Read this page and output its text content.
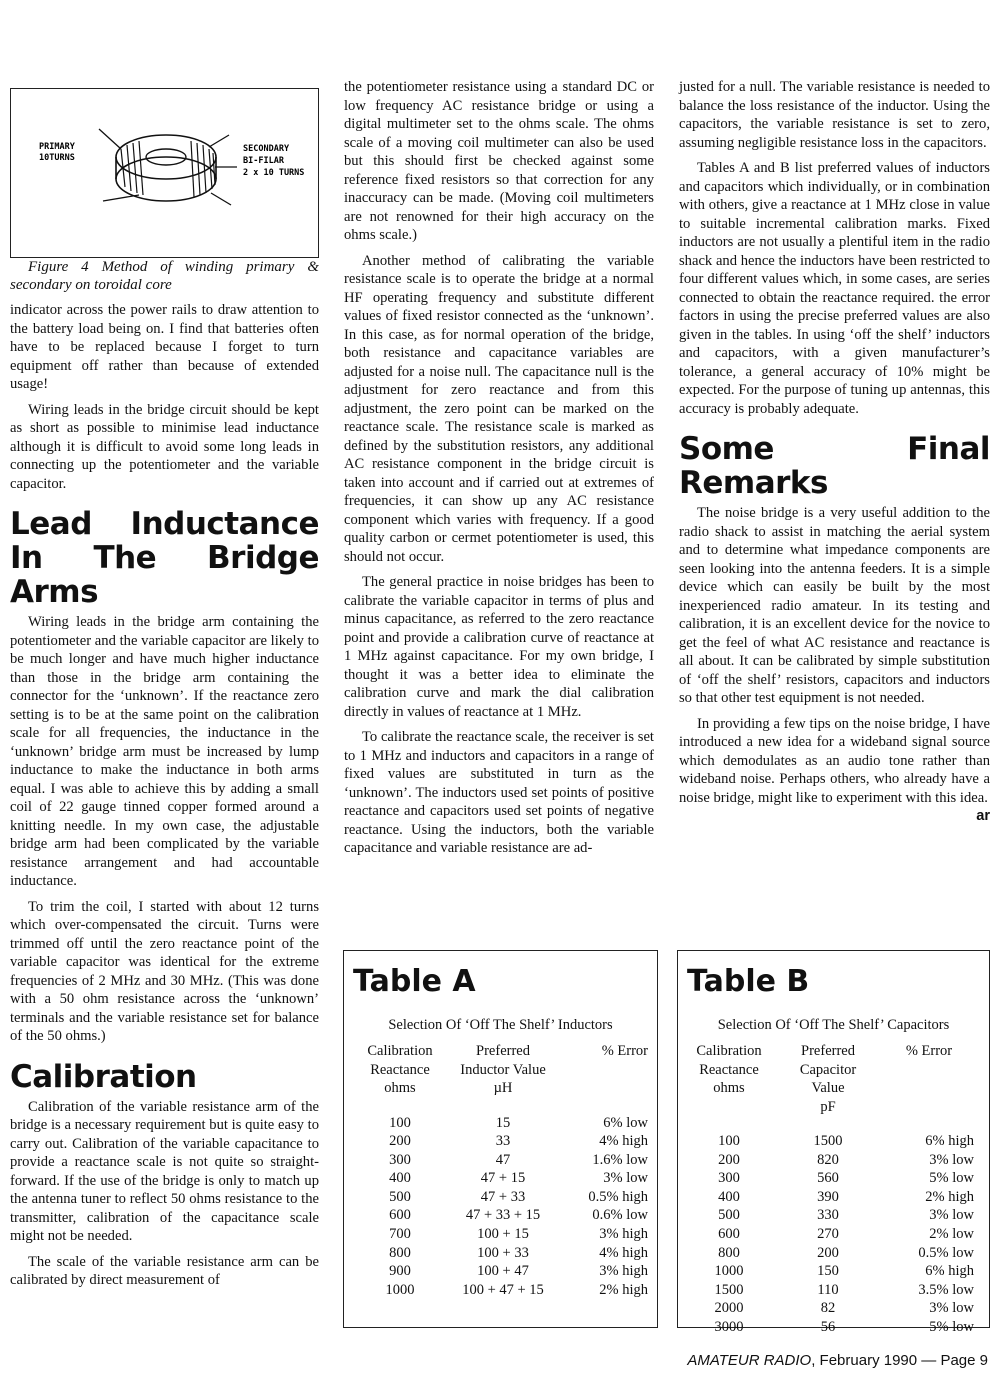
PRIMARY
10TURNS
SECONDARY
BI-FILAR
2 x 10 TURNS

Figure 4 Method of winding primary & secondary on toroidal core

indicator across the power rails to draw attention to the battery load being on. I find that batteries often have to be replaced because I forget to turn equipment off rather than because of extended usage!

Wiring leads in the bridge circuit should be kept as short as possible to minimise lead inductance although it is difficult to avoid some long leads in connecting up the potentiometer and the variable capacitor.

Lead Inductance In The Bridge Arms

Wiring leads in the bridge arm containing the potentiometer and the variable capacitor are likely to be much longer and have much higher inductance than those in the bridge arm containing the connector for the ‘unknown’. If the reactance zero setting is to be at the same point on the calibration scale for all frequencies, the inductance in the ‘unknown’ bridge arm must be increased by lump inductance to make the inductance in both arms equal. I was able to achieve this by adding a small coil of 22 gauge tinned copper formed around a knitting needle. In my own case, the adjustable bridge arm had been complicated by the variable resistance arrangement and had accountable inductance.

To trim the coil, I started with about 12 turns which over-compensated the circuit. Turns were trimmed off until the zero reactance point of the variable capacitor was identical for the extreme frequencies of 2 MHz and 30 MHz. (This was done with a 50 ohm resistance across the ‘unknown’ terminals and the variable resistance set for balance of the 50 ohms.)

Calibration

Calibration of the variable resistance arm of the bridge is a necessary requirement but is quite easy to carry out. Calibration of the variable capacitance to provide a reactance scale is not quite so straight-forward. If the use of the bridge is only to match up the antenna tuner to reflect 50 ohms resistance to the transmitter, calibration of the capacitance scale might not be needed.

The scale of the variable resistance arm can be calibrated by direct measurement of

the potentiometer resistance using a standard DC or low frequency AC resistance bridge or using a digital multimeter set to the ohms scale. The ohms scale of a moving coil multimeter can also be used but this should first be checked against some reference fixed resistors so that correction for any inaccuracy can be made. (Moving coil multimeters are not renowned for their high accuracy on the ohms scale.)

Another method of calibrating the variable resistance scale is to operate the bridge at a normal HF operating frequency and substitute different values of fixed resistor connected as the ‘unknown’. In this case, as for normal operation of the bridge, both resistance and capacitance variables are adjusted for a noise null. The capacitance null is the adjustment for zero reactance and from this adjustment, the zero point can be marked on the reactance scale. The resistance scale is marked as defined by the substitution resistors, any additional AC resistance component in the bridge circuit is taken into account and if carried out at extremes of frequencies, it can show up any AC resistance component which varies with frequency. If a good quality carbon or cermet potentiometer is used, this should not occur.

The general practice in noise bridges has been to calibrate the variable capacitor in terms of plus and minus capacitance, as referred to the zero reactance point and provide a calibration curve of reactance at 1 MHz against capacitance. For my own bridge, I thought it was a better idea to eliminate the calibration curve and mark the dial calibration directly in values of reactance at 1 MHz.

To calibrate the reactance scale, the receiver is set to 1 MHz and inductors and capacitors in a range of fixed values are substituted in turn as the ‘unknown’. The inductors used set points of positive reactance and capacitors used set points of negative reactance. Using the inductors, both the variable capacitance and variable resistance are ad-

justed for a null. The variable resistance is needed to balance the loss resistance of the inductor. Using the capacitors, the variable resistance is set to zero, assuming negligible resistance loss in the capacitors.

Tables A and B list preferred values of inductors and capacitors which individually, or in combination with others, give a reactance at 1 MHz close in value to suitable incremental calibration marks. Fixed inductors are not usually a plentiful item in the radio shack and hence the inductors have been restricted to four different values which, in some cases, are series connected to obtain the reactance required. the error factors in using the precise preferred values are also given in the tables. In using ‘off the shelf’ inductors and capacitors, with a given manufacturer’s tolerance, a general accuracy of 10% might be expected. For the purpose of tuning up antennas, this accuracy is probably adequate.

Some Final Remarks

The noise bridge is a very useful addition to the radio shack to assist in matching the aerial system and to determine what impedance components are seen looking into the antenna feeders. It is a simple device which can easily be built by the most inexperienced radio amateur. In its testing and calibration, it is an excellent device for the novice to get the feel of what AC resistance and reactance is all about. It can be calibrated by simple substitution of ‘off the shelf’ resistors, capacitors and inductors so that other test equipment is not needed.

In providing a few tips on the noise bridge, I have introduced a new idea for a wideband signal source which demodulates as an audio tone rather than wideband noise. Perhaps others, who already have a noise bridge, might like to experiment with this idea.
ar

Table A
Selection Of ‘Off The Shelf’ Inductors
Calibration
Reactance
ohms	Preferred
Inductor Value
µH	% Error
100	15	6% low
200	33	4% high
300	47	1.6% low
400	47 + 15	3% low
500	47 + 33	0.5% high
600	47 + 33 + 15	0.6% low
700	100 + 15	3% high
800	100 + 33	4% high
900	100 + 47	3% high
1000	100 + 47 + 15	2% high
Table B
Selection Of ‘Off The Shelf’ Capacitors
Calibration
Reactance
ohms	Preferred
Capacitor
Value
pF	% Error
100	1500	6% high
200	820	3% low
300	560	5% low
400	390	2% high
500	330	3% low
600	270	2% low
800	200	0.5% low
1000	150	6% high
1500	110	3.5% low
2000	82	3% low
3000	56	5% low
AMATEUR RADIO, February 1990 — Page 9
